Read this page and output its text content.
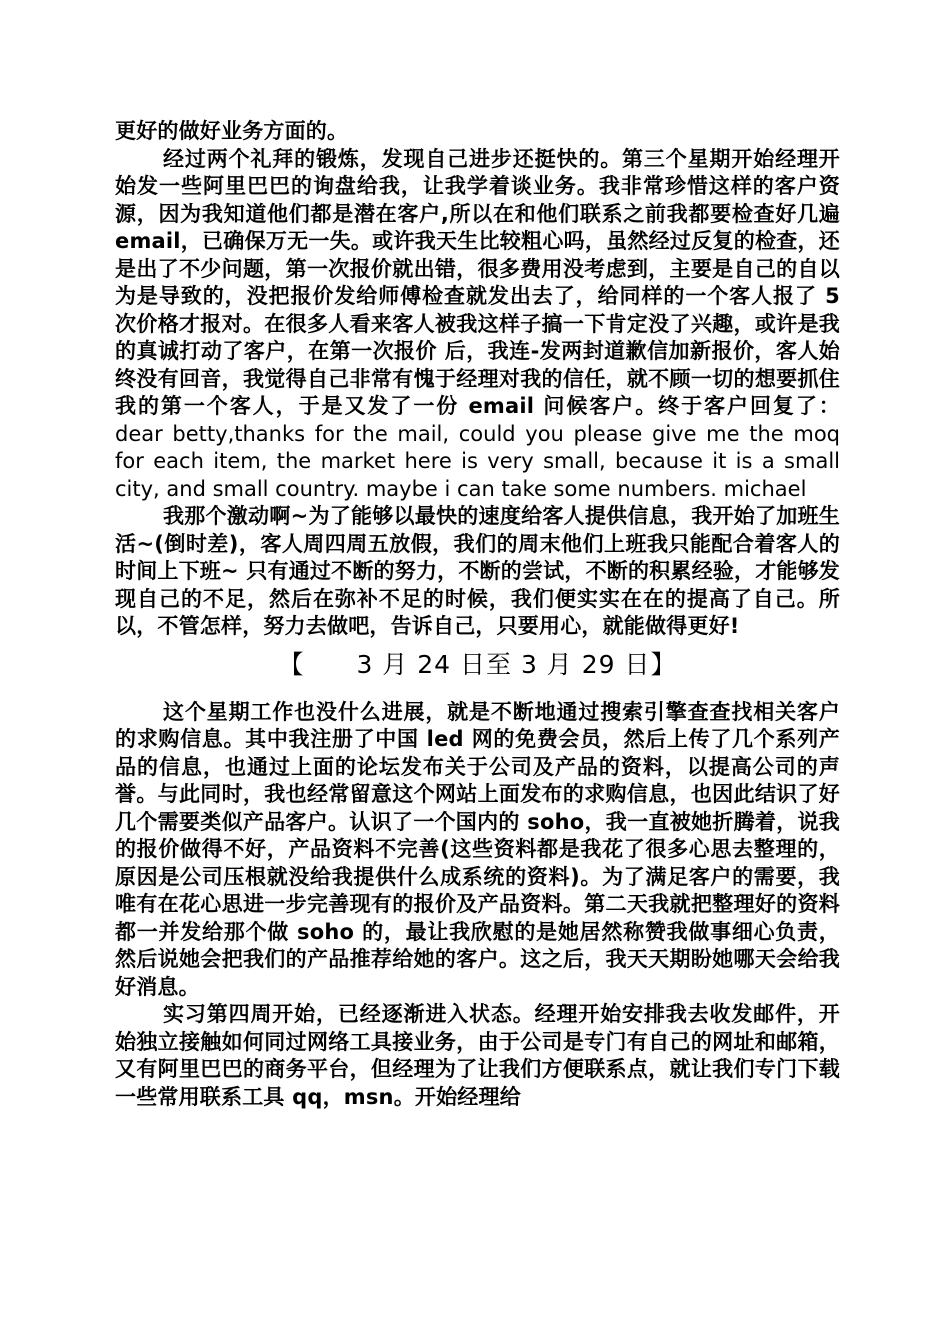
更好的做好业务方面的。

经过两个礼拜的锻炼，发现自己进步还挺快的。第三个星期开始经理开始发一些阿里巴巴的询盘给我，让我学着谈业务。我非常珍惜这样的客户资源，因为我知道他们都是潜在客户,所以在和他们联系之前我都要检查好几遍 email，已确保万无一失。或许我天生比较粗心吗，虽然经过反复的检查，还是出了不少问题，第一次报价就出错，很多费用没考虑到，主要是自己的自以为是导致的，没把报价发给师傅检查就发出去了，给同样的一个客人报了 5 次价格才报对。在很多人看来客人被我这样子搞一下肯定没了兴趣，或许是我的真诚打动了客户，在第一次报价 后，我连-发两封道歉信加新报价，客人始终没有回音，我觉得自己非常有愧于经理对我的信任，就不顾一切的想要抓住我的第一个客人，于是又发了一份 email 问候客户。终于客户回复了： dear betty,thanks for the mail, could you please give me the moq for each item, the market here is very small, because it is a small city, and small country. maybe i can take some numbers. michael

我那个激动啊~为了能够以最快的速度给客人提供信息，我开始了加班生活~(倒时差)，客人周四周五放假，我们的周末他们上班我只能配合着客人的时间上下班~ 只有通过不断的努力，不断的尝试，不断的积累经验，才能够发现自己的不足，然后在弥补不足的时候，我们便实实在在的提高了自己。所以，不管怎样，努力去做吧，告诉自己，只要用心，就能做得更好!

【　　3 月 24 日至 3 月 29 日】

这个星期工作也没什么进展，就是不断地通过搜索引擎查查找相关客户的求购信息。其中我注册了中国 led 网的免费会员，然后上传了几个系列产品的信息，也通过上面的论坛发布关于公司及产品的资料，以提高公司的声誉。与此同时，我也经常留意这个网站上面发布的求购信息，也因此结识了好几个需要类似产品客户。认识了一个国内的 soho，我一直被她折腾着，说我的报价做得不好，产品资料不完善(这些资料都是我花了很多心思去整理的，原因是公司压根就没给我提供什么成系统的资料)。为了满足客户的需要，我唯有在花心思进一步完善现有的报价及产品资料。第二天我就把整理好的资料都一并发给那个做 soho 的，最让我欣慰的是她居然称赞我做事细心负责，然后说她会把我们的产品推荐给她的客户。这之后，我天天期盼她哪天会给我好消息。

实习第四周开始，已经逐渐进入状态。经理开始安排我去收发邮件，开始独立接触如何同过网络工具接业务，由于公司是专门有自己的网址和邮箱，又有阿里巴巴的商务平台，但经理为了让我们方便联系点，就让我们专门下载一些常用联系工具 qq，msn。开始经理给
